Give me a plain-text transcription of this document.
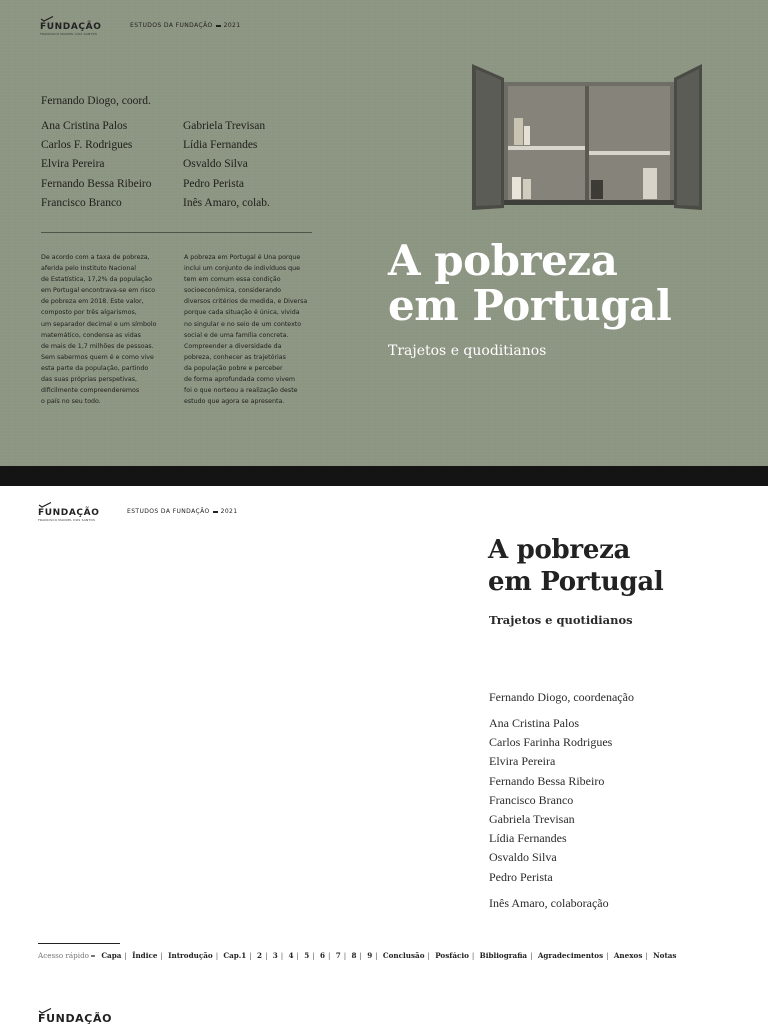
FUNDAÇÃO
FRANCISCO MANUEL DOS SANTOS
ESTUDOS DA FUNDAÇÃO 2021
Fernando Diogo, coord.
Ana Cristina Palos
Carlos F. Rodrigues
Elvira Pereira
Fernando Bessa Ribeiro
Francisco Branco
Gabriela Trevisan
Lídia Fernandes
Osvaldo Silva
Pedro Perista
Inês Amaro, colab.
De acordo com a taxa de pobreza,
aferida pelo Instituto Nacional
de Estatística, 17,2% da população
em Portugal encontrava-se em risco
de pobreza em 2018. Este valor,
composto por três algarismos,
um separador decimal e um símbolo
matemático, condensa as vidas
de mais de 1,7 milhões de pessoas.
Sem sabermos quem é e como vive
esta parte da população, partindo
das suas próprias perspetivas,
dificilmente compreenderemos
o país no seu todo.
A pobreza em Portugal é Una porque
inclui um conjunto de indivíduos que
tem em comum essa condição
socioeconómica, considerando
diversos critérios de medida, e Diversa
porque cada situação é única, vivida
no singular e no seio de um contexto
social e de uma família concreta.
Compreender a diversidade da
pobreza, conhecer as trajetórias
da população pobre e perceber
de forma aprofundada como vivem
foi o que norteou a realização deste
estudo que agora se apresenta.
A pobreza
em Portugal
Trajetos e quoditianos
FUNDAÇÃO
FRANCISCO MANUEL DOS SANTOS
ESTUDOS DA FUNDAÇÃO 2021
A pobreza
em Portugal
Trajetos e quotidianos
Fernando Diogo, coordenação
Ana Cristina Palos
Carlos Farinha Rodrigues
Elvira Pereira
Fernando Bessa Ribeiro
Francisco Branco
Gabriela Trevisan
Lídia Fernandes
Osvaldo Silva
Pedro Perista
Inês Amaro, colaboração
Acesso rápido Capa | Índice | Introdução | Cap.1 | 2 | 3 | 4 | 5 | 6 | 7 | 8 | 9 | Conclusão | Posfácio | Bibliografia | Agradecimentos | Anexos | Notas
FUNDAÇÃO
